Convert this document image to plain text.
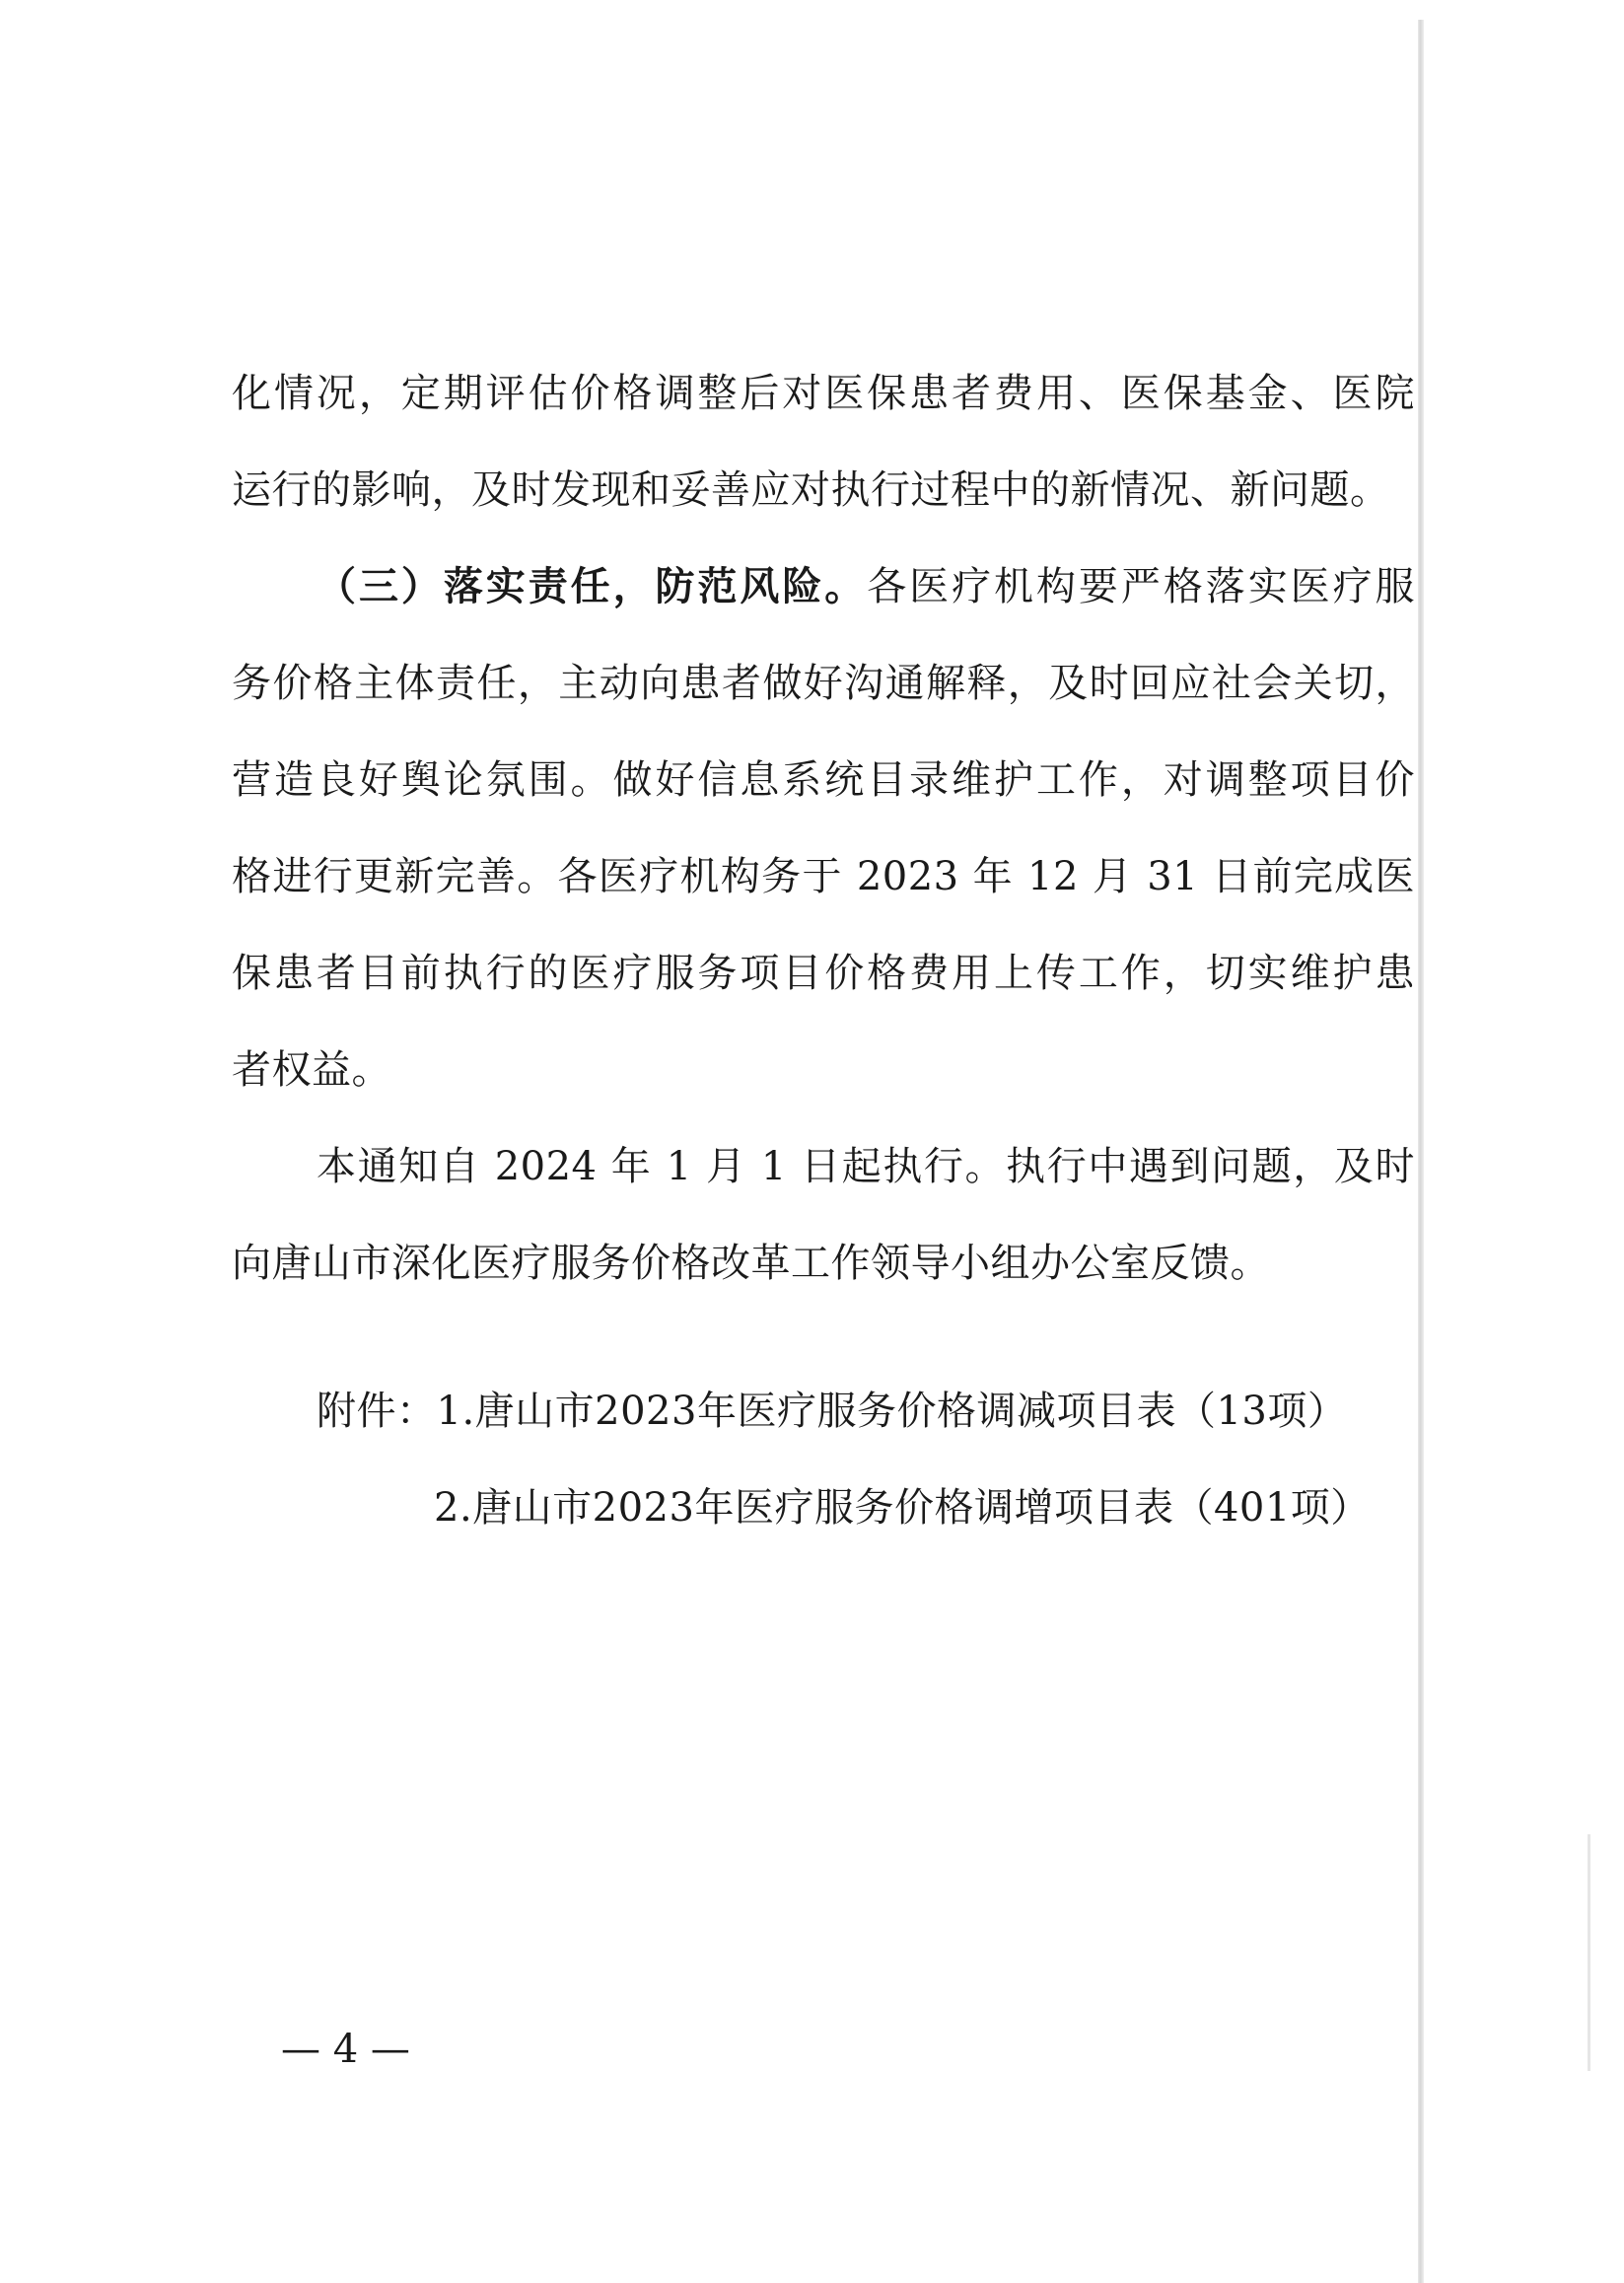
化情况，定期评估价格调整后对医保患者费用、医保基金、医院
运行的影响，及时发现和妥善应对执行过程中的新情况、新问题。
（三）落实责任，防范风险。各医疗机构要严格落实医疗服
务价格主体责任，主动向患者做好沟通解释，及时回应社会关切，
营造良好舆论氛围。做好信息系统目录维护工作，对调整项目价
格进行更新完善。各医疗机构务于 2023 年 12 月 31 日前完成医
保患者目前执行的医疗服务项目价格费用上传工作，切实维护患
者权益。
本通知自 2024 年 1 月 1 日起执行。执行中遇到问题，及时
向唐山市深化医疗服务价格改革工作领导小组办公室反馈。
附件：1.唐山市2023年医疗服务价格调减项目表（13项）
2.唐山市2023年医疗服务价格调增项目表（401项）
— 4 —
